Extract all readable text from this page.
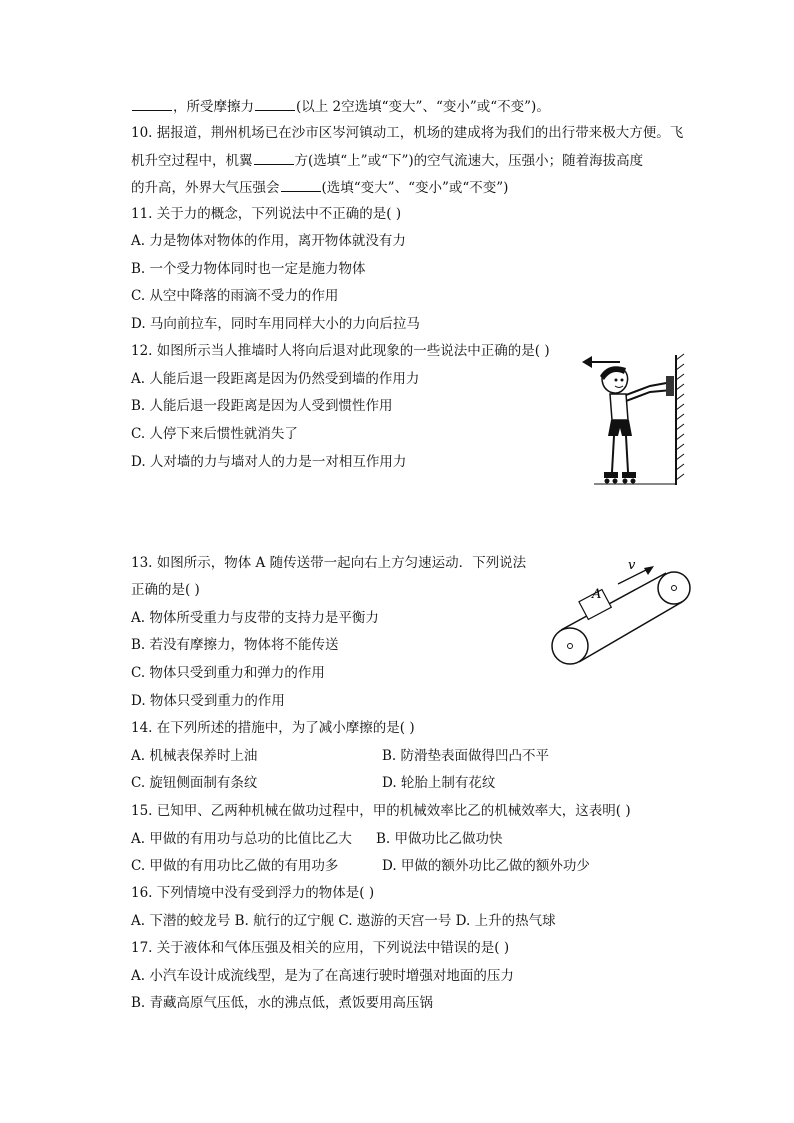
，所受摩擦力	(以上 2空选填“变大”、“变小”或“不变”)。
10. 据报道，荆州机场已在沙市区岑河镇动工，机场的建成将为我们的出行带来极大方便。飞
机升空过程中，机翼	方(选填“上”或“下”)的空气流速大，压强小；随着海拔高度
的升高，外界大气压强会	(选填“变大”、“变小”或“不变”)
11. 关于力的概念，下列说法中不正确的是( )
A. 力是物体对物体的作用，离开物体就没有力
B. 一个受力物体同时也一定是施力物体
C. 从空中降落的雨滴不受力的作用
D. 马向前拉车，同时车用同样大小的力向后拉马
12. 如图所示当人推墙时人将向后退对此现象的一些说法中正确的是( )
A. 人能后退一段距离是因为仍然受到墙的作用力
B. 人能后退一段距离是因为人受到惯性作用
C. 人停下来后惯性就消失了
D. 人对墙的力与墙对人的力是一对相互作用力
13. 如图所示，物体 A 随传送带一起向右上方匀速运动．下列说法
正确的是( )
A. 物体所受重力与皮带的支持力是平衡力
B. 若没有摩擦力，物体将不能传送
C. 物体只受到重力和弹力的作用
D. 物体只受到重力的作用
A
v
14. 在下列所述的措施中，为了减小摩擦的是( )
A. 机械表保养时上油	B. 防滑垫表面做得凹凸不平
C. 旋钮侧面制有条纹	D. 轮胎上制有花纹
15. 已知甲、乙两种机械在做功过程中，甲的机械效率比乙的机械效率大，这表明( )
A. 甲做的有用功与总功的比值比乙大 B. 甲做功比乙做功快
C. 甲做的有用功比乙做的有用功多	D. 甲做的额外功比乙做的额外功少
16. 下列情境中没有受到浮力的物体是( )
A. 下潜的蛟龙号 B. 航行的辽宁舰 C. 遨游的天宫一号 D. 上升的热气球
17. 关于液体和气体压强及相关的应用，下列说法中错误的是( )
A. 小汽车设计成流线型，是为了在高速行驶时增强对地面的压力
B. 青藏高原气压低，水的沸点低，煮饭要用高压锅
